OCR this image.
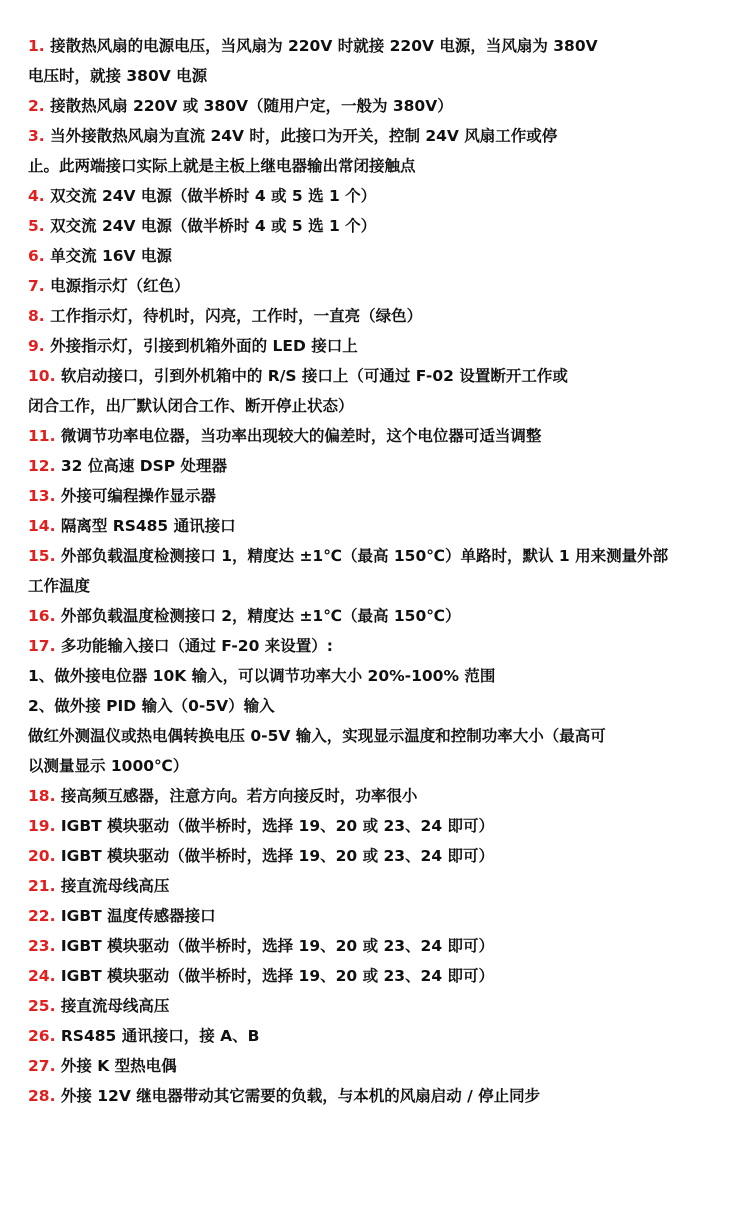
1. 接散热风扇的电源电压，当风扇为 220V 时就接 220V 电源，当风扇为 380V
电压时，就接 380V 电源
2. 接散热风扇 220V 或 380V（随用户定，一般为 380V）
3. 当外接散热风扇为直流 24V 时，此接口为开关，控制 24V 风扇工作或停
止。此两端接口实际上就是主板上继电器输出常闭接触点
4. 双交流 24V 电源（做半桥时 4 或 5 选 1 个）
5. 双交流 24V 电源（做半桥时 4 或 5 选 1 个）
6. 单交流 16V 电源
7. 电源指示灯（红色）
8. 工作指示灯，待机时，闪亮，工作时，一直亮（绿色）
9. 外接指示灯，引接到机箱外面的 LED 接口上
10. 软启动接口，引到外机箱中的 R/S 接口上（可通过 F-02 设置断开工作或
闭合工作，出厂默认闭合工作、断开停止状态）
11. 微调节功率电位器，当功率出现较大的偏差时，这个电位器可适当调整
12. 32 位高速 DSP 处理器
13. 外接可编程操作显示器
14. 隔离型 RS485 通讯接口
15. 外部负载温度检测接口 1，精度达 ±1℃（最高 150℃）单路时，默认 1 用来测量外部
工作温度
16. 外部负载温度检测接口 2，精度达 ±1℃（最高 150℃）
17. 多功能输入接口（通过 F-20 来设置）:
1、做外接电位器 10K 输入，可以调节功率大小 20%-100% 范围
2、做外接 PID 输入（0-5V）输入
做红外测温仪或热电偶转换电压 0-5V 输入，实现显示温度和控制功率大小（最高可
以测量显示 1000℃）
18. 接高频互感器，注意方向。若方向接反时，功率很小
19. IGBT 模块驱动（做半桥时，选择 19、20 或 23、24 即可）
20. IGBT 模块驱动（做半桥时，选择 19、20 或 23、24 即可）
21. 接直流母线高压
22. IGBT 温度传感器接口
23. IGBT 模块驱动（做半桥时，选择 19、20 或 23、24 即可）
24. IGBT 模块驱动（做半桥时，选择 19、20 或 23、24 即可）
25. 接直流母线高压
26. RS485 通讯接口，接 A、B
27. 外接 K 型热电偶
28. 外接 12V 继电器带动其它需要的负载，与本机的风扇启动 / 停止同步
